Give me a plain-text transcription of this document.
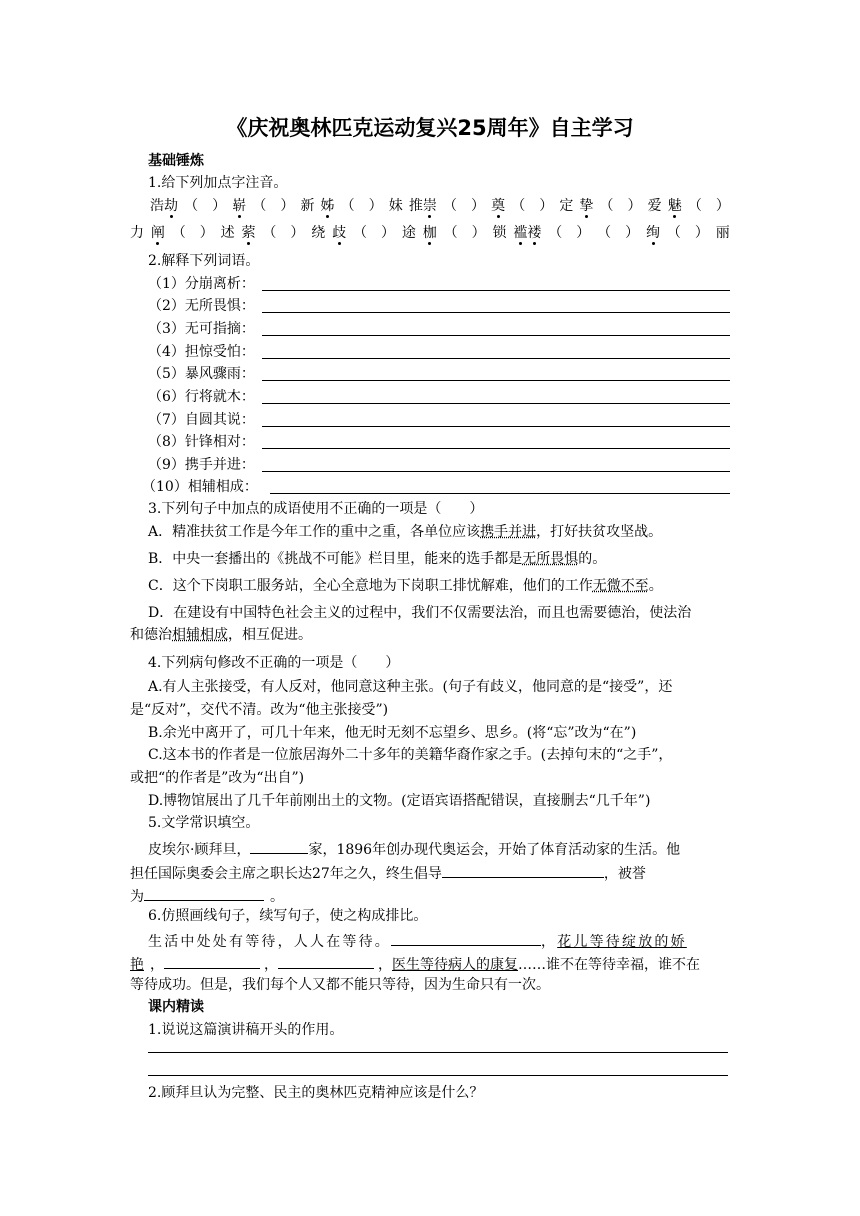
《庆祝奥林匹克运动复兴25周年》自主学习
基础锤炼
1.给下列加点字注音。
浩劫 （　） 崭 （　） 新 姊 （　） 妹 推崇 （　） 奠 （　） 定 挚 （　） 爱 魅 （　）
力 阐 （　） 述 萦 （　） 绕 歧 （　） 途 枷 （　） 锁 褴褛 （　） （　） 绚 （　） 丽
2.解释下列词语。
（1）分崩离析：
（2）无所畏惧：
（3）无可指摘：
（4）担惊受怕：
（5）暴风骤雨：
（6）行将就木：
（7）自圆其说：
（8）针锋相对：
（9）携手并进：
（10）相辅相成：
3.下列句子中加点的成语使用不正确的一项是（　　）
A．精准扶贫工作是今年工作的重中之重，各单位应该携手并进，打好扶贫攻坚战。
B．中央一套播出的《挑战不可能》栏目里，能来的选手都是无所畏惧的。
C．这个下岗职工服务站，全心全意地为下岗职工排忧解难，他们的工作无微不至。
D．在建设有中国特色社会主义的过程中，我们不仅需要法治，而且也需要德治，使法治
和德治相辅相成，相互促进。
4.下列病句修改不正确的一项是（　　）
A.有人主张接受，有人反对，他同意这种主张。(句子有歧义，他同意的是“接受”，还
是“反对”，交代不清。改为“他主张接受”)
B.余光中离开了，可几十年来，他无时无刻不忘望乡、思乡。(将“忘”改为“在”)
C.这本书的作者是一位旅居海外二十多年的美籍华裔作家之手。(去掉句末的“之手”，
或把“的作者是”改为“出自”)
D.博物馆展出了几千年前刚出土的文物。(定语宾语搭配错误，直接删去“几千年”)
5.文学常识填空。
皮埃尔·顾拜旦，	家，1896年创办现代奥运会，开始了体育活动家的生活。他
担任国际奥委会主席之职长达27年之久，终生倡导	，被誉
为	。
6.仿照画线句子，续写句子，使之构成排比。
生活中处处有等待，人人在等待。	，花儿等待绽放的娇
艳 ，	，	，医生等待病人的康复……谁不在等待幸福，谁不在
等待成功。但是，我们每个人又都不能只等待，因为生命只有一次。
课内精读
1.说说这篇演讲稿开头的作用。
2.顾拜旦认为完整、民主的奥林匹克精神应该是什么？
